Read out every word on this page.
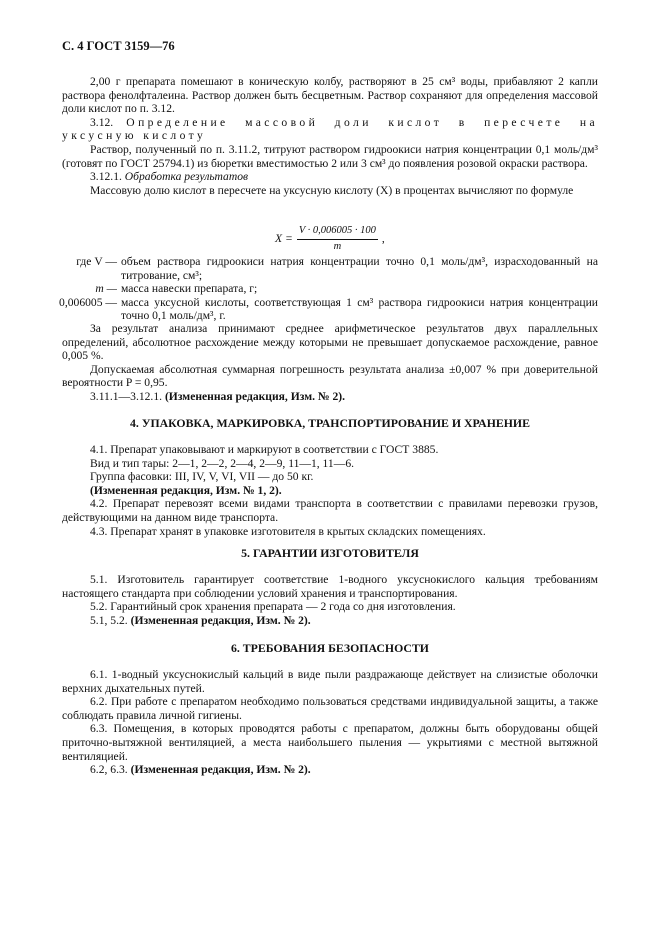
С. 4 ГОСТ 3159—76

2,00 г препарата помешают в коническую колбу, растворяют в 25 см³ воды, прибавляют 2 капли раствора фенолфталеина. Раствор должен быть бесцветным. Раствор сохраняют для определения массовой доли кислот по п. 3.12.

3.12. Определение массовой доли кислот в пересчете на уксусную кислоту

Раствор, полученный по п. 3.11.2, титруют раствором гидроокиси натрия концентрации 0,1 моль/дм³ (готовят по ГОСТ 25794.1) из бюретки вместимостью 2 или 3 см³ до появления розовой окраски раствора.

3.12.1. Обработка результатов

Массовую долю кислот в пересчете на уксусную кислоту (X) в процентах вычисляют по формуле

$X = \frac{V \cdot 0,006005 \cdot 100}{m}$ ,
где V — объем раствора гидроокиси натрия концентрации точно 0,1 моль/дм³, израсходованный на титрование, см³;
m — масса навески препарата, г;
0,006005 — масса уксусной кислоты, соответствующая 1 см³ раствора гидроокиси натрия концентрации точно 0,1 моль/дм³, г.

За результат анализа принимают среднее арифметическое результатов двух параллельных определений, абсолютное расхождение между которыми не превышает допускаемое расхождение, равное 0,005 %.

Допускаемая абсолютная суммарная погрешность результата анализа ±0,007 % при доверительной вероятности P = 0,95.

3.11.1—3.12.1. (Измененная редакция, Изм. № 2).

4. УПАКОВКА, МАРКИРОВКА, ТРАНСПОРТИРОВАНИЕ И ХРАНЕНИЕ

4.1. Препарат упаковывают и маркируют в соответствии с ГОСТ 3885.

Вид и тип тары: 2—1, 2—2, 2—4, 2—9, 11—1, 11—6.

Группа фасовки: III, IV, V, VI, VII — до 50 кг.

(Измененная редакция, Изм. № 1, 2).

4.2. Препарат перевозят всеми видами транспорта в соответствии с правилами перевозки грузов, действующими на данном виде транспорта.

4.3. Препарат хранят в упаковке изготовителя в крытых складских помещениях.

5. ГАРАНТИИ ИЗГОТОВИТЕЛЯ

5.1. Изготовитель гарантирует соответствие 1-водного уксуснокислого кальция требованиям настоящего стандарта при соблюдении условий хранения и транспортирования.

5.2. Гарантийный срок хранения препарата — 2 года со дня изготовления.

5.1, 5.2. (Измененная редакция, Изм. № 2).

6. ТРЕБОВАНИЯ БЕЗОПАСНОСТИ

6.1. 1-водный уксуснокислый кальций в виде пыли раздражающе действует на слизистые оболочки верхних дыхательных путей.

6.2. При работе с препаратом необходимо пользоваться средствами индивидуальной защиты, а также соблюдать правила личной гигиены.

6.3. Помещения, в которых проводятся работы с препаратом, должны быть оборудованы общей приточно-вытяжной вентиляцией, а места наибольшего пыления — укрытиями с местной вытяжной вентиляцией.

6.2, 6.3. (Измененная редакция, Изм. № 2).
